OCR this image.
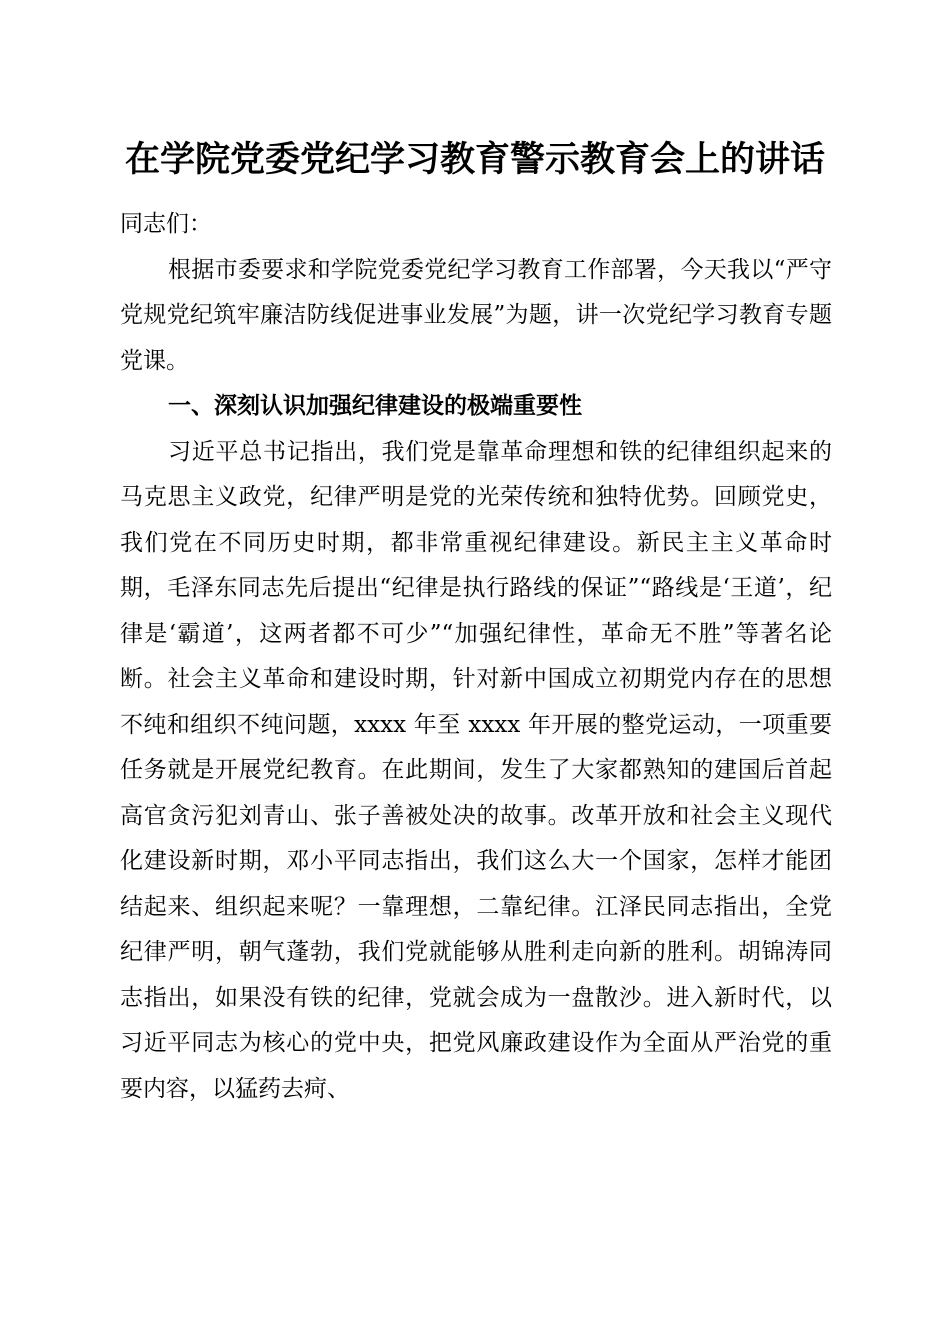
在学院党委党纪学习教育警示教育会上的讲话

同志们：

根据市委要求和学院党委党纪学习教育工作部署，今天我以“严守党规党纪筑牢廉洁防线促进事业发展”为题，讲一次党纪学习教育专题党课。

一、深刻认识加强纪律建设的极端重要性

习近平总书记指出，我们党是靠革命理想和铁的纪律组织起来的马克思主义政党，纪律严明是党的光荣传统和独特优势。回顾党史，我们党在不同历史时期，都非常重视纪律建设。新民主主义革命时期，毛泽东同志先后提出“纪律是执行路线的保证”“路线是‘王道’，纪律是‘霸道’，这两者都不可少”“加强纪律性，革命无不胜”等著名论断。社会主义革命和建设时期，针对新中国成立初期党内存在的思想不纯和组织不纯问题，xxxx 年至 xxxx 年开展的整党运动，一项重要任务就是开展党纪教育。在此期间，发生了大家都熟知的建国后首起高官贪污犯刘青山、张子善被处决的故事。改革开放和社会主义现代化建设新时期，邓小平同志指出，我们这么大一个国家，怎样才能团结起来、组织起来呢？一靠理想，二靠纪律。江泽民同志指出，全党纪律严明，朝气蓬勃，我们党就能够从胜利走向新的胜利。胡锦涛同志指出，如果没有铁的纪律，党就会成为一盘散沙。进入新时代，以习近平同志为核心的党中央，把党风廉政建设作为全面从严治党的重要内容，以猛药去疴、
